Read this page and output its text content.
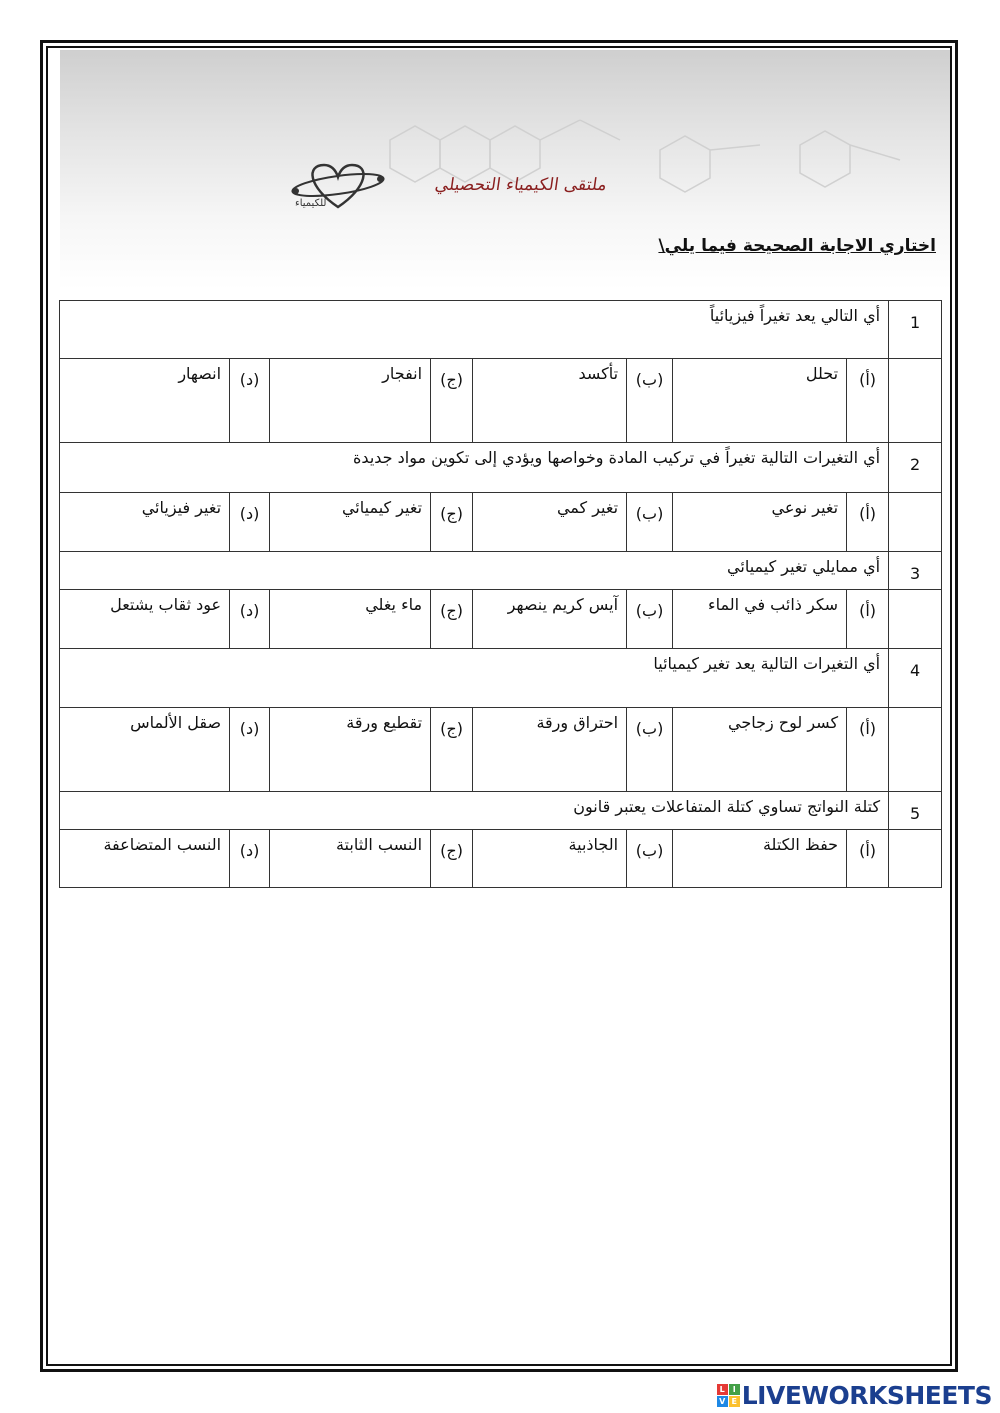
ملتقى الكيمياء التحصيلي
للكيمياء
اختاري الاجابة الصحيحة فيما يلي\
1	أي التالي يعد تغيراً فيزيائياً							
	(أ)	تحلل	(ب)	تأكسد	(ج)	انفجار	(د)	انصهار
2	أي التغيرات التالية تغيراً في تركيب المادة وخواصها ويؤدي إلى تكوين مواد جديدة							
	(أ)	تغير نوعي	(ب)	تغير كمي	(ج)	تغير كيميائي	(د)	تغير فيزيائي
3	أي ممايلي تغير كيميائي							
	(أ)	سكر ذائب في الماء	(ب)	آيس كريم ينصهر	(ج)	ماء يغلي	(د)	عود ثقاب يشتعل
4	أي التغيرات التالية يعد تغير كيميائيا							
	(أ)	كسر لوح زجاجي	(ب)	احتراق ورقة	(ج)	تقطيع ورقة	(د)	صقل الألماس
5	كتلة النواتج تساوي كتلة المتفاعلات يعتبر قانون							
	(أ)	حفظ الكتلة	(ب)	الجاذبية	(ج)	النسب الثابتة	(د)	النسب المتضاعفة
L I
V E LIVEWORKSHEETS
